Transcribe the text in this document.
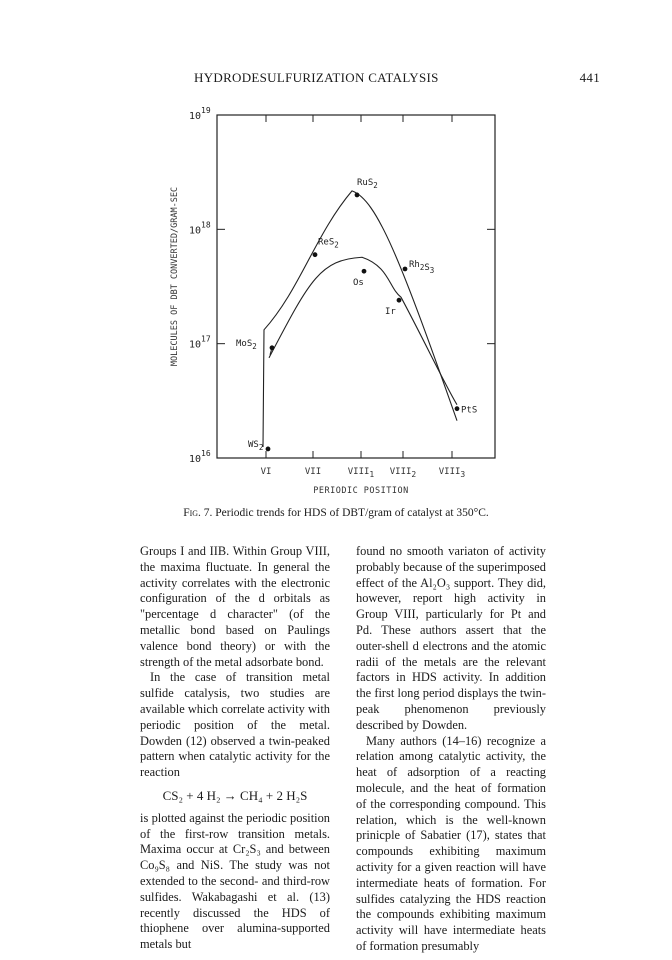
HYDRODESULFURIZATION CATALYSIS	441
$10^{16}$
$10^{17}$
$10^{18}$
$10^{19}$
VI	VII	VIII1 VIII2 VIII3
PERIODIC POSITION
MOLECULES OF DBT CONVERTED/GRAM-SEC
$WS_2$
MoS$_2$
ReS$_2$
RuS$_2$
Os
$Rh_2S_3$
Ir
PtS
Fig. 7. Periodic trends for HDS of DBT/gram of catalyst at 350°C.

Groups I and IIB. Within Group VIII, the maxima fluctuate. In general the activity correlates with the electronic configuration of the d orbitals as "percentage d character" (of the metallic bond based on Paulings valence bond theory) or with the strength of the metal adsorbate bond.

In the case of transition metal sulfide catalysis, two studies are available which correlate activity with periodic position of the metal. Dowden (12) observed a twin-peaked pattern when catalytic activity for the reaction

CS₂ + 4 H₂ → CH₄ + 2 H₂S

is plotted against the periodic position of the first-row transition metals. Maxima occur at Cr₂S₃ and between Co₉S₈ and NiS. The study was not extended to the second- and third-row sulfides. Wakabagashi et al. (13) recently discussed the HDS of thiophene over alumina-supported metals but

found no smooth variaton of activity probably because of the superimposed effect of the Al₂O₃ support. They did, however, report high activity in Group VIII, particularly for Pt and Pd. These authors assert that the outer-shell d electrons and the atomic radii of the metals are the relevant factors in HDS activity. In addition the first long period displays the twin-peak phenomenon previously described by Dowden.

Many authors (14–16) recognize a relation among catalytic activity, the heat of adsorption of a reacting molecule, and the heat of formation of the corresponding compound. This relation, which is the well-known prinicple of Sabatier (17), states that compounds exhibiting maximum activity for a given reaction will have intermediate heats of formation. For sulfides catalyzing the HDS reaction the compounds exhibiting maximum activity will have intermediate heats of formation presumably
